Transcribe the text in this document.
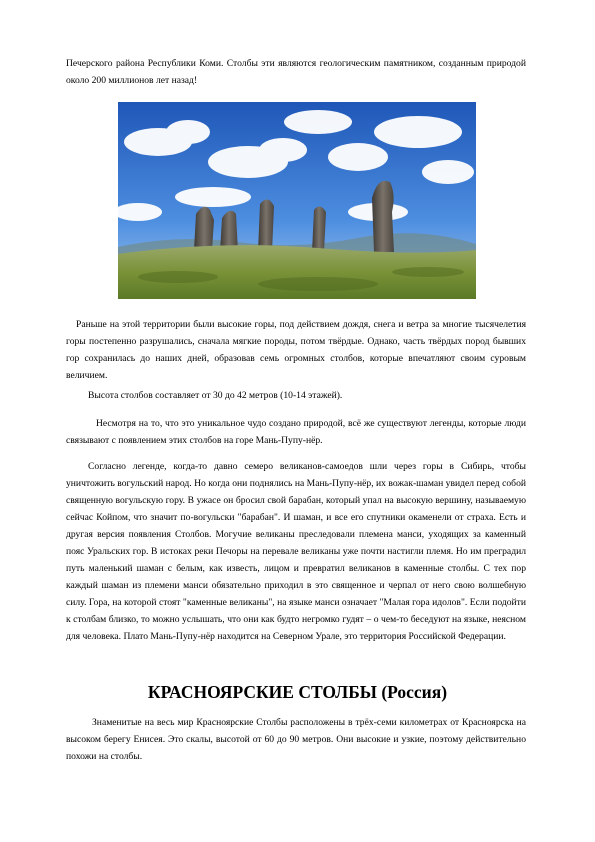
Печерского района Республики Коми. Столбы эти являются геологическим памятником, созданным природой около 200 миллионов лет назад!

Раньше на этой территории были высокие горы, под действием дождя, снега и ветра за многие тысячелетия горы постепенно разрушались, сначала мягкие породы, потом твёрдые. Однако, часть твёрдых пород бывших гор сохранилась до наших дней, образовав семь огромных столбов, которые впечатляют своим суровым величием.

Высота столбов составляет от 30 до 42 метров (10-14 этажей).

Несмотря на то, что это уникальное чудо создано природой, всё же существуют легенды, которые люди связывают с появлением этих столбов на горе Мань-Пупу-нёр.

Согласно легенде, когда-то давно семеро великанов-самоедов шли через горы в Сибирь, чтобы уничтожить вогульский народ. Но когда они поднялись на Мань-Пупу-нёр, их вожак-шаман увидел перед собой священную вогульскую гору. В ужасе он бросил свой барабан, который упал на высокую вершину, называемую сейчас Койпом, что значит по-вогульски "барабан". И шаман, и все его спутники окаменели от страха. Есть и другая версия появления Столбов. Могучие великаны преследовали племена манси, уходящих за каменный пояс Уральских гор. В истоках реки Печоры на перевале великаны уже почти настигли племя. Но им преградил путь маленький шаман с белым, как известь, лицом и превратил великанов в каменные столбы. С тех пор каждый шаман из племени манси обязательно приходил в это священное и черпал от него свою волшебную силу. Гора, на которой стоят "каменные великаны", на языке манси означает "Малая гора идолов". Если подойти к столбам близко, то можно услышать, что они как будто негромко гудят – о чем-то беседуют на языке, неясном для человека. Плато Мань-Пупу-нёр находится на Северном Урале, это территория Российской Федерации.

КРАСНОЯРСКИЕ СТОЛБЫ (Россия)

Знаменитые на весь мир Красноярские Столбы расположены в трёх-семи километрах от Красноярска на высоком берегу Енисея. Это скалы, высотой от 60 до 90 метров. Они высокие и узкие, поэтому действительно похожи на столбы.
